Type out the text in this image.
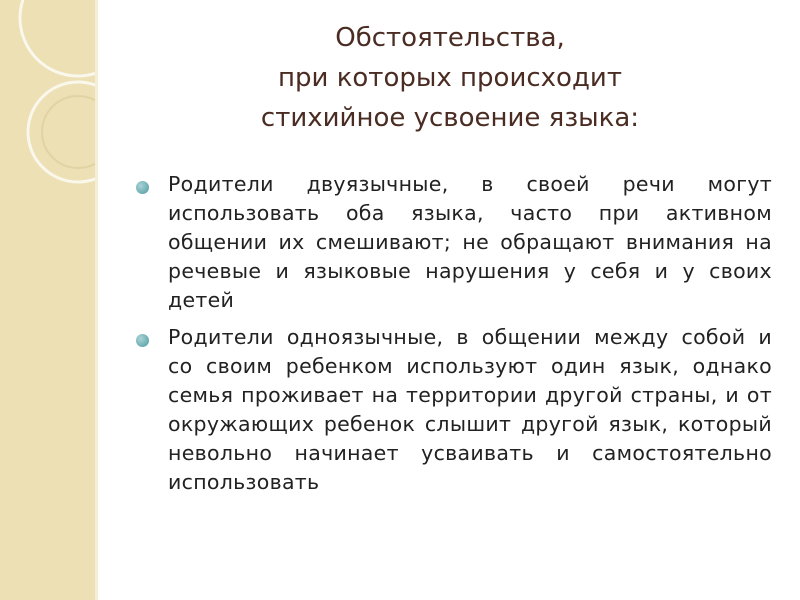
Обстоятельства,
при которых происходит
стихийное усвоение языка:
Родители двуязычные, в своей речи могут использовать оба языка, часто при активном общении их смешивают; не обращают внимания на речевые и языковые нарушения у себя и у своих детей
Родители одноязычные, в общении между собой и со своим ребенком используют один язык, однако семья проживает на территории другой страны, и от окружающих ребенок слышит другой язык, который невольно начинает усваивать и самостоятельно использовать
